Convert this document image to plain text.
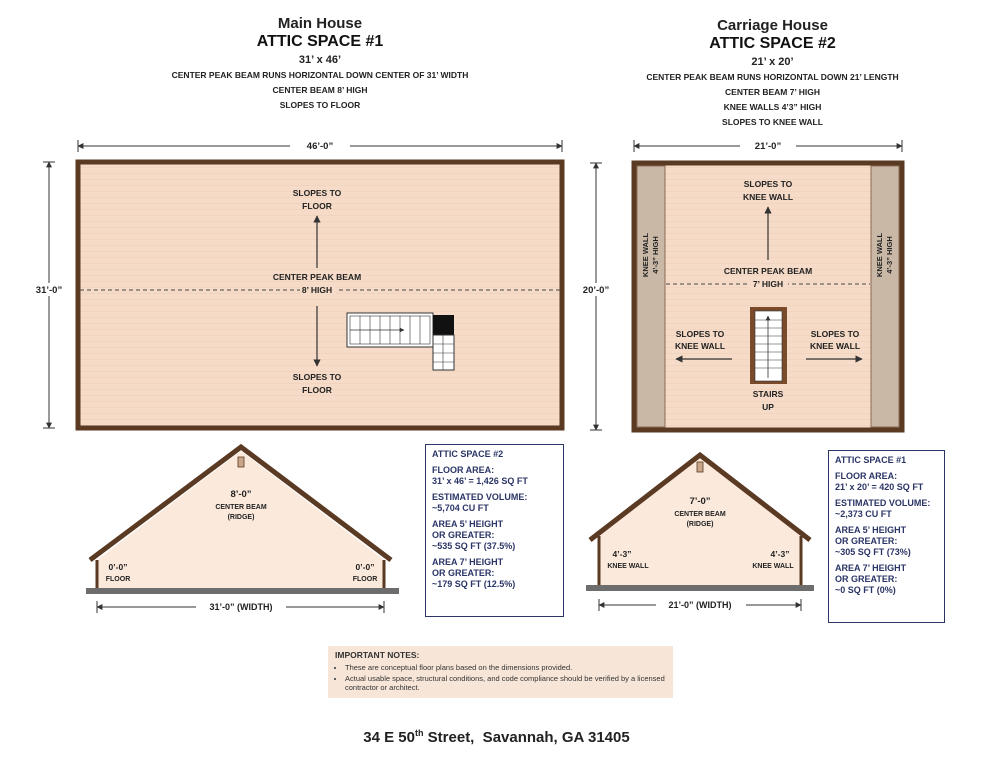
Main House
ATTIC SPACE #1
31’ x 46’
CENTER PEAK BEAM RUNS HORIZONTAL DOWN CENTER OF 31’ WIDTH
CENTER BEAM 8’ HIGH
SLOPES TO FLOOR
Carriage House
ATTIC SPACE #2
21’ x 20’
CENTER PEAK BEAM RUNS HORIZONTAL DOWN 21’ LENGTH
CENTER BEAM 7’ HIGH
KNEE WALLS 4’3” HIGH
SLOPES TO KNEE WALL
46’-0”
31’-0”
SLOPES TO
FLOOR
CENTER PEAK BEAM
8’ HIGH
SLOPES TO
FLOOR
21’-0”
20’-0”
KNEE WALL 4’-3” HIGH	KNEE WALL 4’-3” HIGH
SLOPES TO
KNEE WALL
CENTER PEAK BEAM
7’ HIGH
SLOPES TO
KNEE WALL
SLOPES TO
KNEE WALL
STAIRS
UP
8’-0”
CENTER BEAM
(RIDGE)
0’-0”
FLOOR
0’-0”
FLOOR
31’-0” (WIDTH)
7’-0”
CENTER BEAM
(RIDGE)
4’-3”
KNEE WALL
4’-3”
KNEE WALL
21’-0” (WIDTH)
ATTIC SPACE #2
FLOOR AREA:
31’ x 46’ = 1,426 SQ FT
ESTIMATED VOLUME:
~5,704 CU FT
AREA 5’ HEIGHT
OR GREATER:
~535 SQ FT (37.5%)
AREA 7’ HEIGHT
OR GREATER:
~179 SQ FT (12.5%)
ATTIC SPACE #1
FLOOR AREA:
21’ x 20’ = 420 SQ FT
ESTIMATED VOLUME:
~2,373 CU FT
AREA 5’ HEIGHT
OR GREATER:
~305 SQ FT (73%)
AREA 7’ HEIGHT
OR GREATER:
~0 SQ FT (0%)
IMPORTANT NOTES:
• These are conceptual floor plans based on the dimensions provided.
• Actual usable space, structural conditions, and code compliance should be verified by a licensed contractor or architect.
34 E 50th Street,  Savannah, GA 31405
